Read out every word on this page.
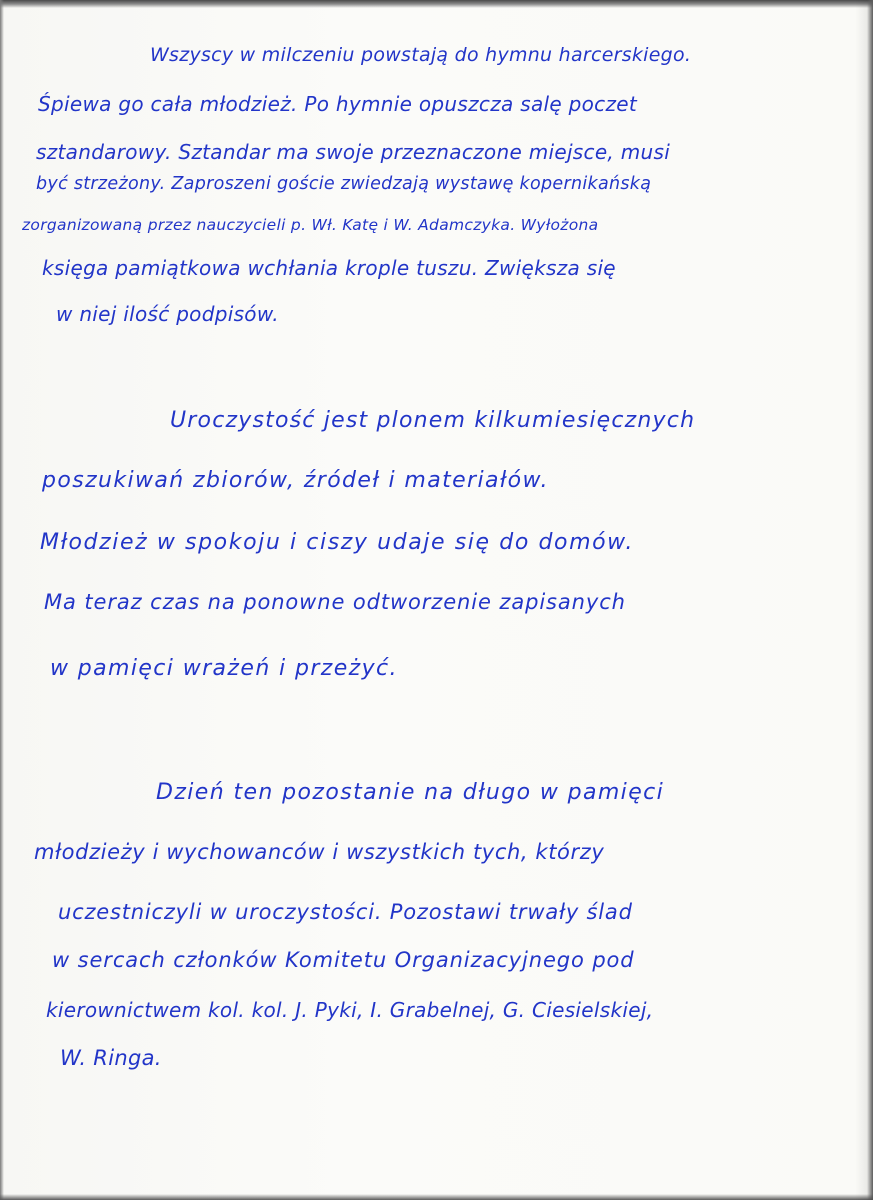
Wszyscy w milczeniu powstają do hymnu harcerskiego.
Śpiewa go cała młodzież. Po hymnie opuszcza salę poczet
sztandarowy. Sztandar ma swoje przeznaczone miejsce, musi
być strzeżony. Zaproszeni goście zwiedzają wystawę kopernikańską
zorganizowaną przez nauczycieli p. Wł. Katę i W. Adamczyka. Wyłożona
księga pamiątkowa wchłania krople tuszu. Zwiększa się
w niej ilość podpisów.
Uroczystość jest plonem kilkumiesięcznych
poszukiwań zbiorów, źródeł i materiałów.
Młodzież w spokoju i ciszy udaje się do domów.
Ma teraz czas na ponowne odtworzenie zapisanych
w pamięci wrażeń i przeżyć.
Dzień ten pozostanie na długo w pamięci
młodzieży i wychowanców i wszystkich tych, którzy
uczestniczyli w uroczystości. Pozostawi trwały ślad
w sercach członków Komitetu Organizacyjnego pod
kierownictwem kol. kol. J. Pyki, I. Grabelnej, G. Ciesielskiej,
W. Ringa.
